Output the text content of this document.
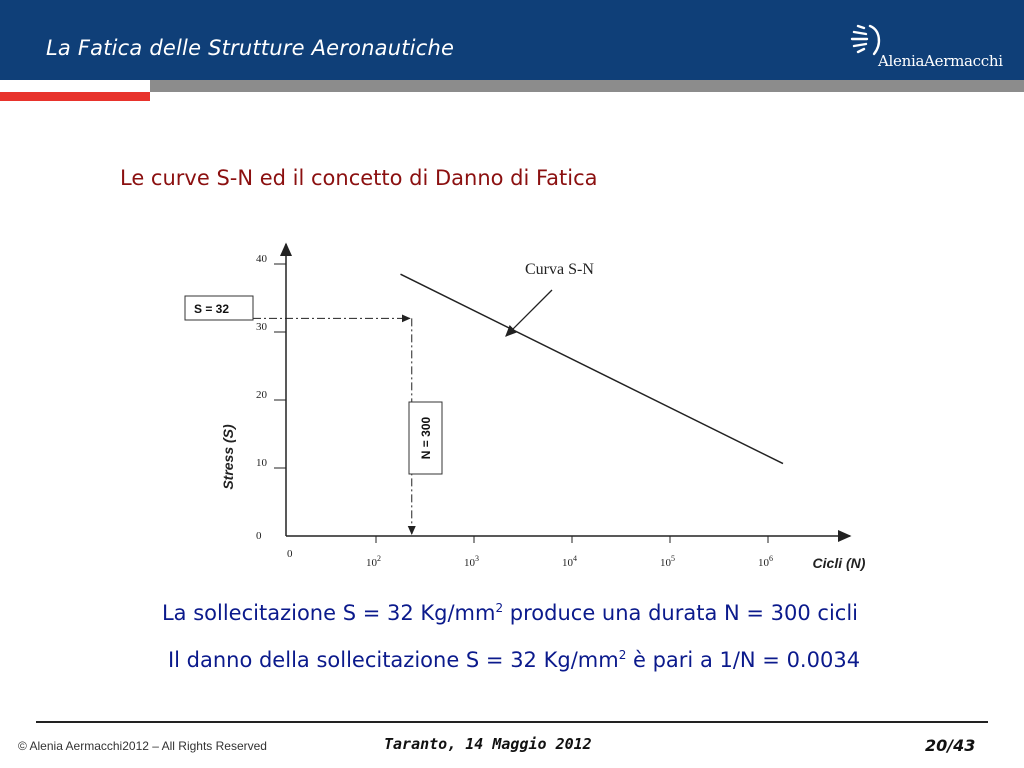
La Fatica delle Strutture Aeronautiche
AleniaAermacchi
Le curve S-N ed il concetto di Danno di Fatica
0
10
20
30
40
0
$10^2$	$10^3$	$10^4$	$10^5$	$10^6$
Stress (S)
Cicli (N)
S = 32
N = 300
Curva S-N
La sollecitazione S = 32 $Kg/mm^2$ produce una durata N = 300 cicli
Il danno della sollecitazione S = 32 $Kg/mm^2$ è pari a 1/N = 0.0034
© Alenia Aermacchi2012 – All Rights Reserved	Taranto, 14 Maggio 2012	20/43
